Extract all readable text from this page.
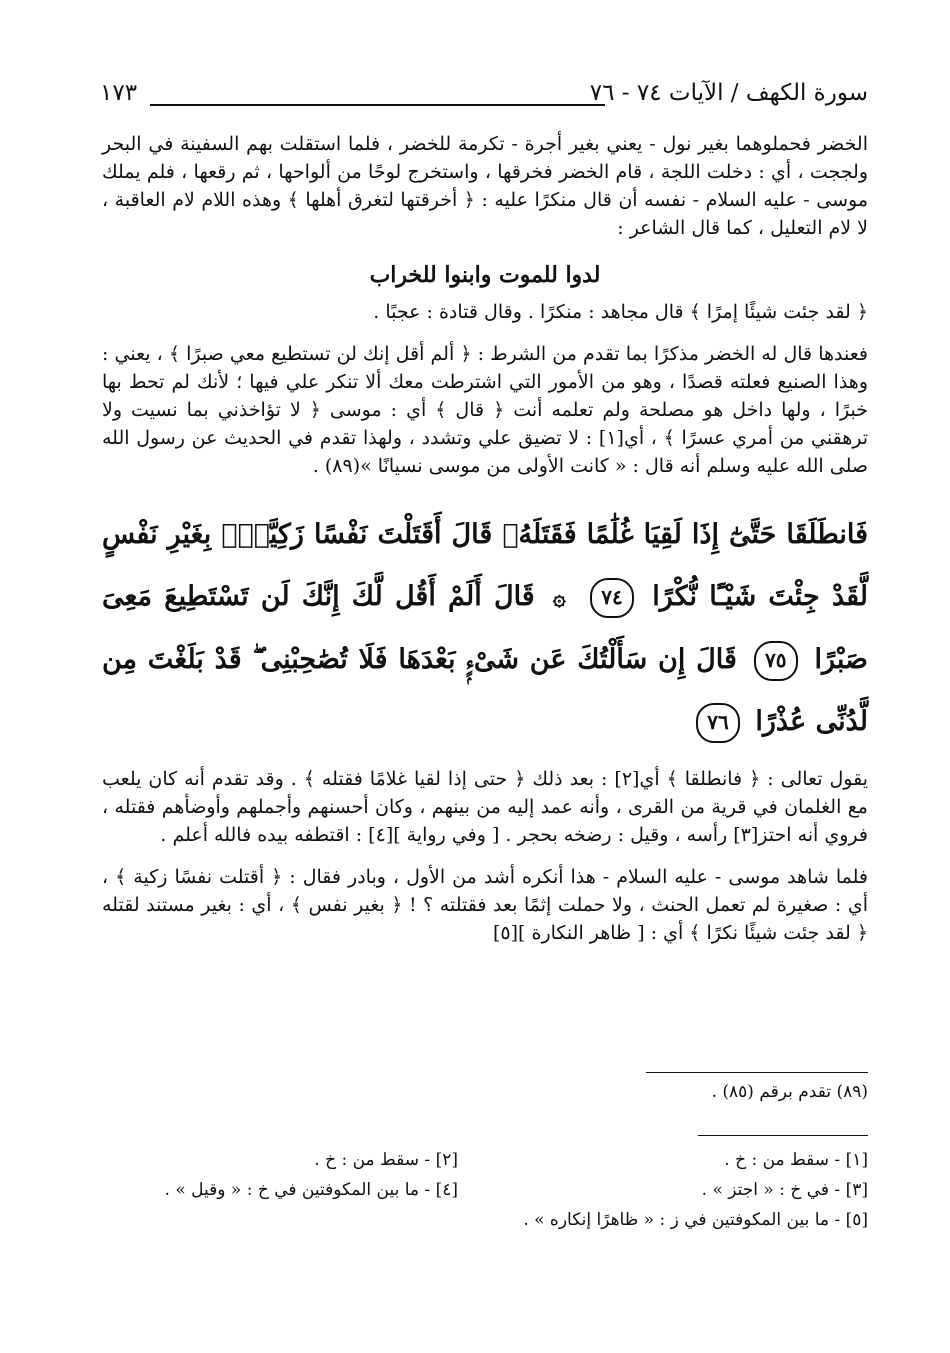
سورة الكهف / الآيات ٧٤ - ٧٦
١٧٣

الخضر فحملوهما بغير نول - يعني بغير أجرة - تكرمة للخضر ، فلما استقلت بهم السفينة في البحر ولججت ، أي : دخلت اللجة ، قام الخضر فخرقها ، واستخرج لوحًا من ألواحها ، ثم رقعها ، فلم يملك موسى - عليه السلام - نفسه أن قال منكرًا عليه : ﴿ أخرقتها لتغرق أهلها ﴾ وهذه اللام لام العاقبة ، لا لام التعليل ، كما قال الشاعر :

لدوا للموت وابنوا للخراب

﴿ لقد جئت شيئًا إمرًا ﴾ قال مجاهد : منكرًا . وقال قتادة : عجبًا .

فعندها قال له الخضر مذكرًا بما تقدم من الشرط : ﴿ ألم أقل إنك لن تستطيع معي صبرًا ﴾ ، يعني : وهذا الصنيع فعلته قصدًا ، وهو من الأمور التي اشترطت معك ألا تنكر علي فيها ؛ لأنك لم تحط بها خبرًا ، ولها داخل هو مصلحة ولم تعلمه أنت ﴿ قال ﴾ أي : موسى ﴿ لا تؤاخذني بما نسيت ولا ترهقني من أمري عسرًا ﴾ ، أي[١] : لا تضيق علي وتشدد ، ولهذا تقدم في الحديث عن رسول الله صلى الله عليه وسلم أنه قال : « كانت الأولى من موسى نسيانًا »(٨٩) .

فَانطَلَقَا حَتَّىٰٓ إِذَا لَقِيَا غُلَٰمًا فَقَتَلَهُۥ قَالَ أَقَتَلْتَ نَفْسًا زَكِيَّةًۢ بِغَيْرِ نَفْسٍ لَّقَدْ جِئْتَ شَيْـًٔا نُّكْرًا ٧٤ ۞ قَالَ أَلَمْ أَقُل لَّكَ إِنَّكَ لَن تَسْتَطِيعَ مَعِىَ صَبْرًا ٧٥ قَالَ إِن سَأَلْتُكَ عَن شَىْءٍۭ بَعْدَهَا فَلَا تُصَٰحِبْنِى ۖ قَدْ بَلَغْتَ مِن لَّدُنِّى عُذْرًا ٧٦

يقول تعالى : ﴿ فانطلقا ﴾ أي[٢] : بعد ذلك ﴿ حتى إذا لقيا غلامًا فقتله ﴾ . وقد تقدم أنه كان يلعب مع الغلمان في قرية من القرى ، وأنه عمد إليه من بينهم ، وكان أحسنهم وأجملهم وأوضأهم فقتله ، فروي أنه احتز[٣] رأسه ، وقيل : رضخه بحجر . [ وفي رواية ][٤] : اقتطفه بيده فالله أعلم .

فلما شاهد موسى - عليه السلام - هذا أنكره أشد من الأول ، وبادر فقال : ﴿ أقتلت نفسًا زكية ﴾ ، أي : صغيرة لم تعمل الحنث ، ولا حملت إثمًا بعد فقتلته ؟ ! ﴿ بغير نفس ﴾ ، أي : بغير مستند لقتله ﴿ لقد جئت شيئًا نكرًا ﴾ أي : [ ظاهر النكارة ][٥]

(٨٩) تقدم برقم (٨٥) .
[١] - سقط من : خ .
[٢] - سقط من : خ .
[٣] - في خ : « اجتز » .
[٤] - ما بين المكوفتين في خ : « وقيل » .
[٥] - ما بين المكوفتين في ز : « ظاهرًا إنكاره » .
